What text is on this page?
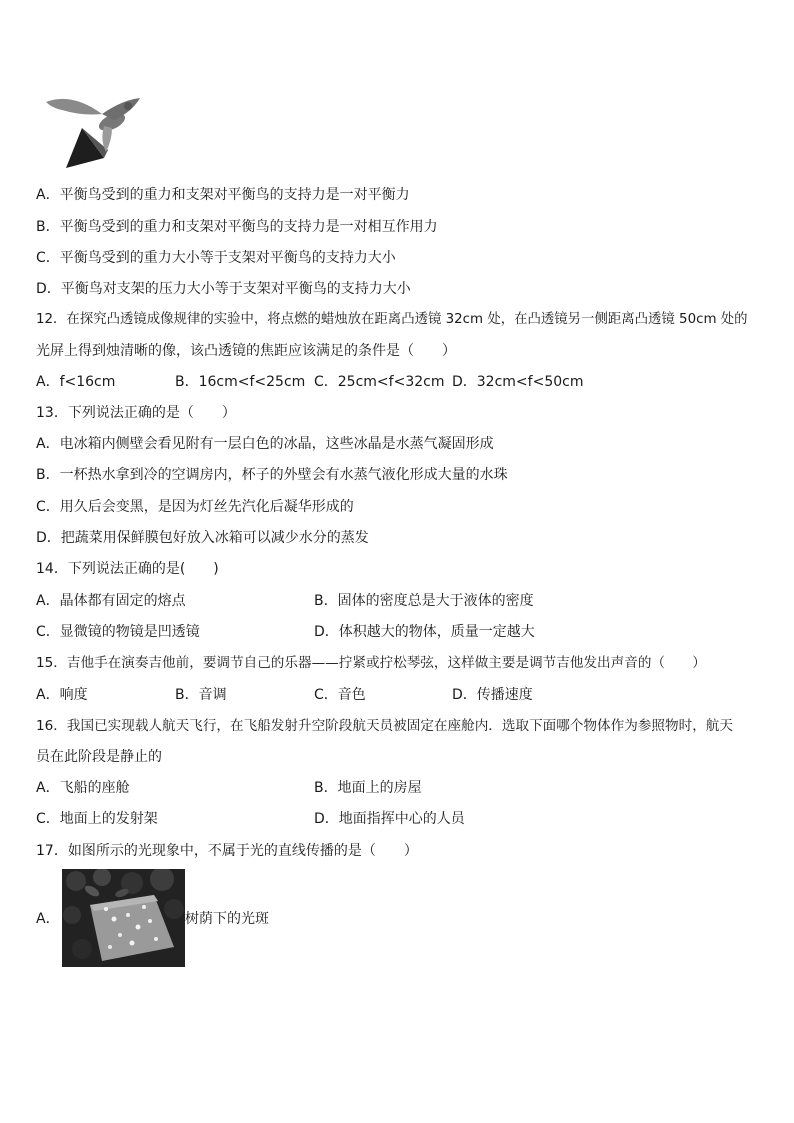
A．平衡鸟受到的重力和支架对平衡鸟的支持力是一对平衡力
B．平衡鸟受到的重力和支架对平衡鸟的支持力是一对相互作用力
C．平衡鸟受到的重力大小等于支架对平衡鸟的支持力大小
D．平衡鸟对支架的压力大小等于支架对平衡鸟的支持力大小
12．在探究凸透镜成像规律的实验中，将点燃的蜡烛放在距离凸透镜 32cm 处，在凸透镜另一侧距离凸透镜 50cm 处的
光屏上得到烛清晰的像，该凸透镜的焦距应该满足的条件是（　　）
A．f<16cm	B．16cm<f<25cm C．25cm<f<32cm D．32cm<f<50cm
13．下列说法正确的是（　　）
A．电冰箱内侧壁会看见附有一层白色的冰晶，这些冰晶是水蒸气凝固形成
B．一杯热水拿到冷的空调房内，杯子的外壁会有水蒸气液化形成大量的水珠
C．用久后会变黑，是因为灯丝先汽化后凝华形成的
D．把蔬菜用保鲜膜包好放入冰箱可以减少水分的蒸发
14．下列说法正确的是(　　)
A．晶体都有固定的熔点	B．固体的密度总是大于液体的密度
C．显微镜的物镜是凹透镜	D．体积越大的物体，质量一定越大
15．吉他手在演奏吉他前，要调节自己的乐器——拧紧或拧松琴弦，这样做主要是调节吉他发出声音的（　　）
A．响度	B．音调	C．音色	D．传播速度
16．我国已实现载人航天飞行，在飞船发射升空阶段航天员被固定在座舱内．选取下面哪个物体作为参照物时，航天
员在此阶段是静止的
A．飞船的座舱	B．地面上的房屋
C．地面上的发射架	D．地面指挥中心的人员
17．如图所示的光现象中，不属于光的直线传播的是（　　）
A．	树荫下的光斑
